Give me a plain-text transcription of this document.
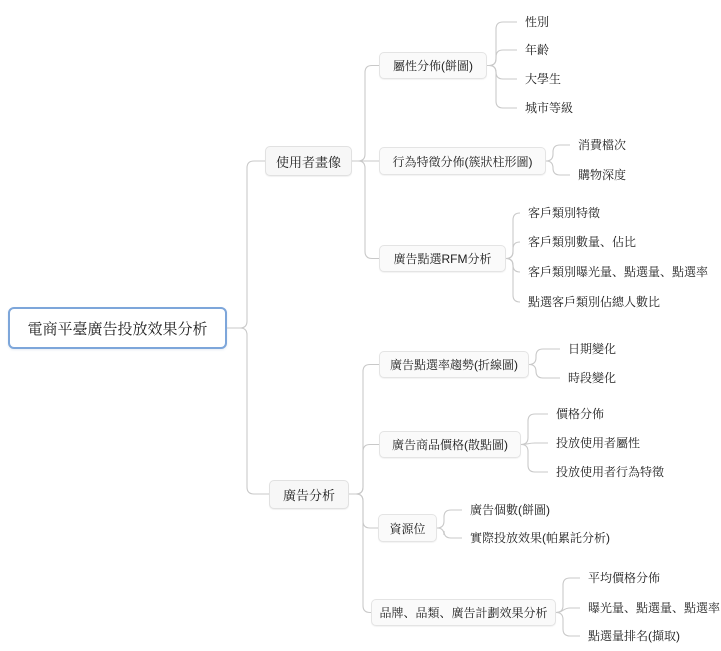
電商平臺廣告投放效果分析
使用者畫像
廣告分析
屬性分佈(餅圖)
行為特徵分佈(簇狀柱形圖)
廣告點選RFM分析
廣告點選率趨勢(折線圖)
廣告商品價格(散點圖)
資源位
品牌、品類、廣告計劃效果分析
性別
年齡
大學生
城市等級
消費檔次
購物深度
客戶類別特徵
客戶類別數量、佔比
客戶類別曝光量、點選量、點選率
點選客戶類別佔總人數比
日期變化
時段變化
價格分佈
投放使用者屬性
投放使用者行為特徵
廣告個數(餅圖)
實際投放效果(帕累託分析)
平均價格分佈
曝光量、點選量、點選率
點選量排名(擷取)
